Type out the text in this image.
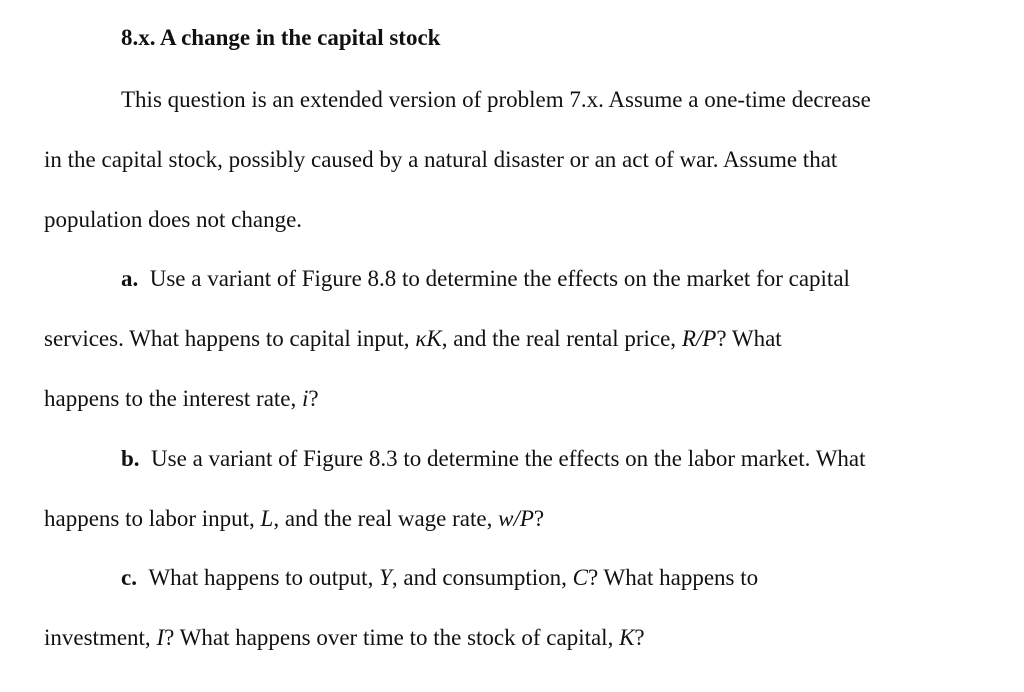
8.x. A change in the capital stock
This question is an extended version of problem 7.x. Assume a one-time decrease
in the capital stock, possibly caused by a natural disaster or an act of war. Assume that
population does not change.
a. Use a variant of Figure 8.8 to determine the effects on the market for capital
services. What happens to capital input, κK, and the real rental price, R/P? What
happens to the interest rate, i?
b. Use a variant of Figure 8.3 to determine the effects on the labor market. What
happens to labor input, L, and the real wage rate, w/P?
c. What happens to output, Y, and consumption, C? What happens to
investment, I? What happens over time to the stock of capital, K?
